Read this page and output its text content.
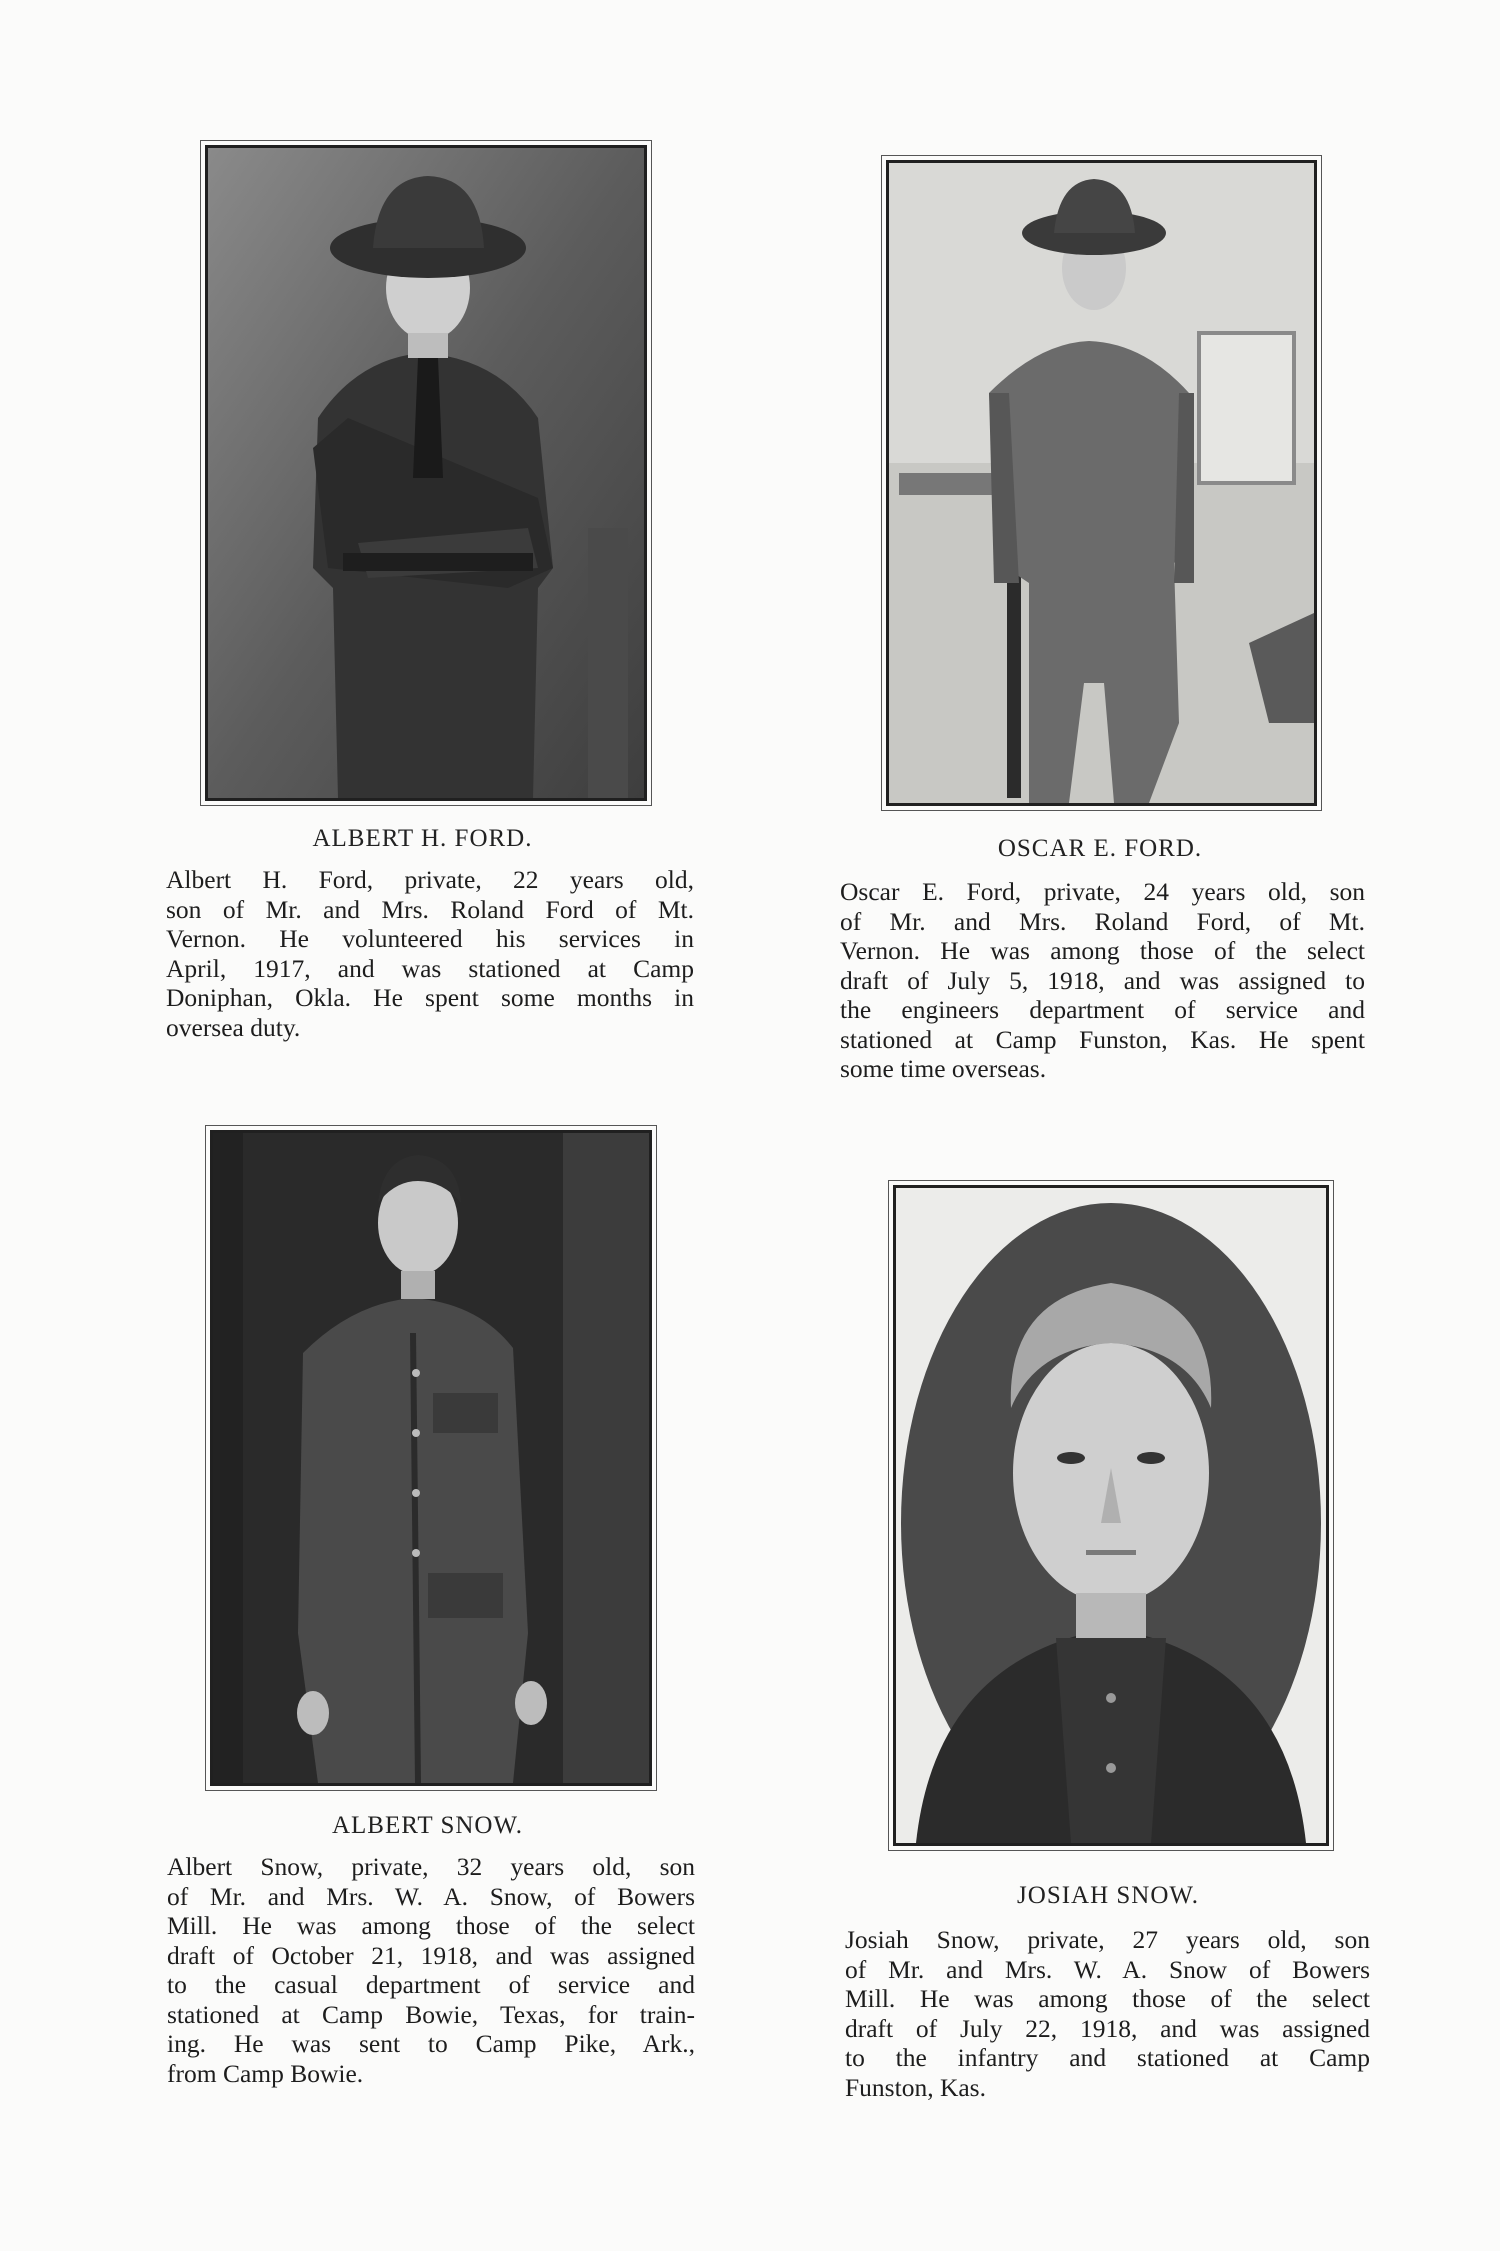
ALBERT H. FORD.

Albert H. Ford, private, 22 years old,
son of Mr. and Mrs. Roland Ford of Mt.
Vernon. He volunteered his services in
April, 1917, and was stationed at Camp
Doniphan, Okla. He spent some months in
oversea duty.

OSCAR E. FORD.

Oscar E. Ford, private, 24 years old, son
of Mr. and Mrs. Roland Ford, of Mt.
Vernon. He was among those of the select
draft of July 5, 1918, and was assigned to
the engineers department of service and
stationed at Camp Funston, Kas. He spent
some time overseas.

ALBERT SNOW.

Albert Snow, private, 32 years old, son
of Mr. and Mrs. W. A. Snow, of Bowers
Mill. He was among those of the select
draft of October 21, 1918, and was assigned
to the casual department of service and
stationed at Camp Bowie, Texas, for train-
ing. He was sent to Camp Pike, Ark.,
from Camp Bowie.

JOSIAH SNOW.

Josiah Snow, private, 27 years old, son
of Mr. and Mrs. W. A. Snow of Bowers
Mill. He was among those of the select
draft of July 22, 1918, and was assigned
to the infantry and stationed at Camp
Funston, Kas.
